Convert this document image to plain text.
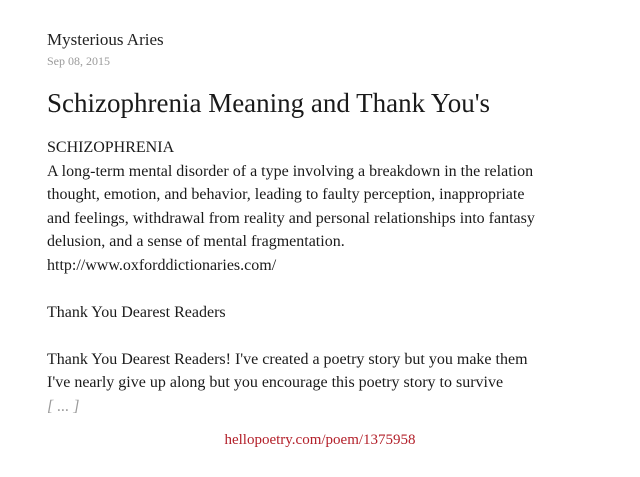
Mysterious Aries
Sep 08, 2015
Schizophrenia Meaning and Thank You's
SCHIZOPHRENIA
A long-term mental disorder of a type involving a breakdown in the relation
thought, emotion, and behavior, leading to faulty perception, inappropriate
and feelings, withdrawal from reality and personal relationships into fantasy
delusion, and a sense of mental fragmentation.
http://www.oxforddictionaries.com/
Thank You Dearest Readers
Thank You Dearest Readers! I've created a poetry story but you make them
I've nearly give up along but you encourage this poetry story to survive
[ ... ]
hellopoetry.com/poem/1375958
